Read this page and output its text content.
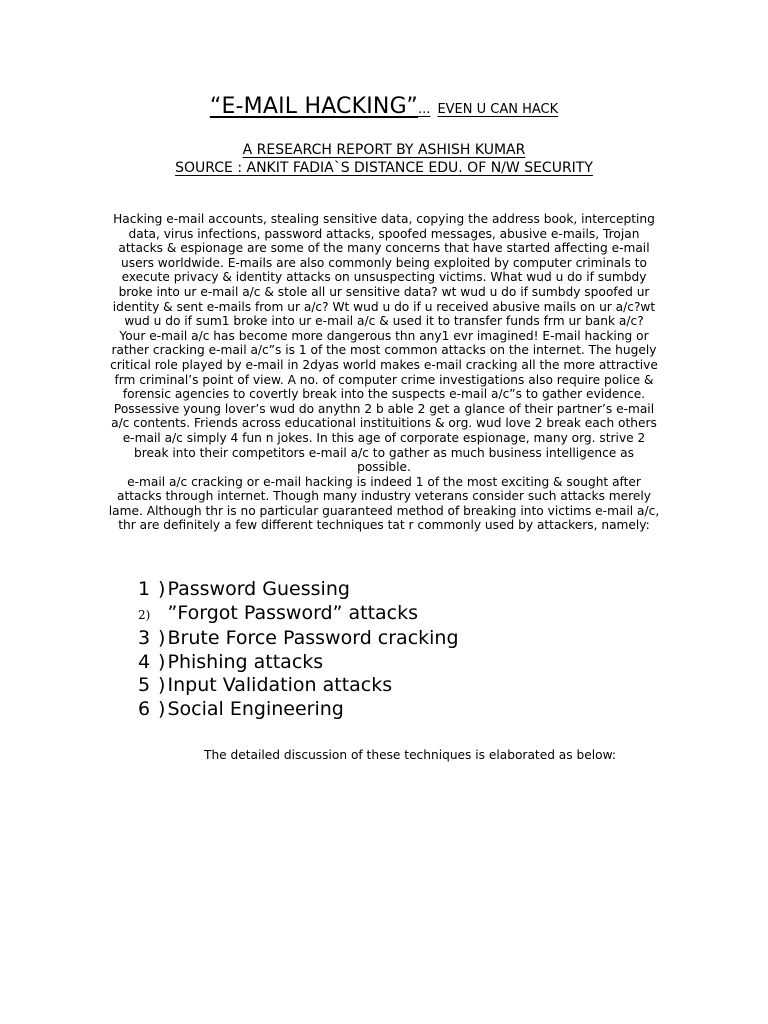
“E-MAIL HACKING”... EVEN U CAN HACK
A RESEARCH REPORT BY ASHISH KUMAR
SOURCE : ANKIT FADIA`S DISTANCE EDU. OF N/W SECURITY

Hacking e-mail accounts, stealing sensitive data, copying the address book, intercepting data, virus infections, password attacks, spoofed messages, abusive e-mails, Trojan attacks & espionage are some of the many concerns that have started affecting e-mail users worldwide. E-mails are also commonly being exploited by computer criminals to execute privacy & identity attacks on unsuspecting victims. What wud u do if sumbdy broke into ur e-mail a/c & stole all ur sensitive data? wt wud u do if sumbdy spoofed ur identity & sent e-mails from ur a/c? Wt wud u do if u received abusive mails on ur a/c?wt wud u do if sum1 broke into ur e-mail a/c & used it to transfer funds frm ur bank a/c?

Your e-mail a/c has become more dangerous thn any1 evr imagined! E-mail hacking or rather cracking e-mail a/c”s is 1 of the most common attacks on the internet. The hugely critical role played by e-mail in 2dyas world makes e-mail cracking all the more attractive frm criminal’s point of view. A no. of computer crime investigations also require police & forensic agencies to covertly break into the suspects e-mail a/c”s to gather evidence.

Possessive young lover’s wud do anythn 2 b able 2 get a glance of their partner’s e-mail a/c contents. Friends across educational instituitions & org. wud love 2 break each others e-mail a/c simply 4 fun n jokes. In this age of corporate espionage, many org. strive 2 break into their competitors e-mail a/c to gather as much business intelligence as possible.

e-mail a/c cracking or e-mail hacking is indeed 1 of the most exciting & sought after attacks through internet. Though many industry veterans consider such attacks merely lame. Although thr is no particular guaranteed method of breaking into victims e-mail a/c, thr are definitely a few different techniques tat r commonly used by attackers, namely:

1 ) Password Guessing
2) ”Forgot Password” attacks
3 ) Brute Force Password cracking
4 ) Phishing attacks
5 ) Input Validation attacks
6 ) Social Engineering
The detailed discussion of these techniques is elaborated as below:
